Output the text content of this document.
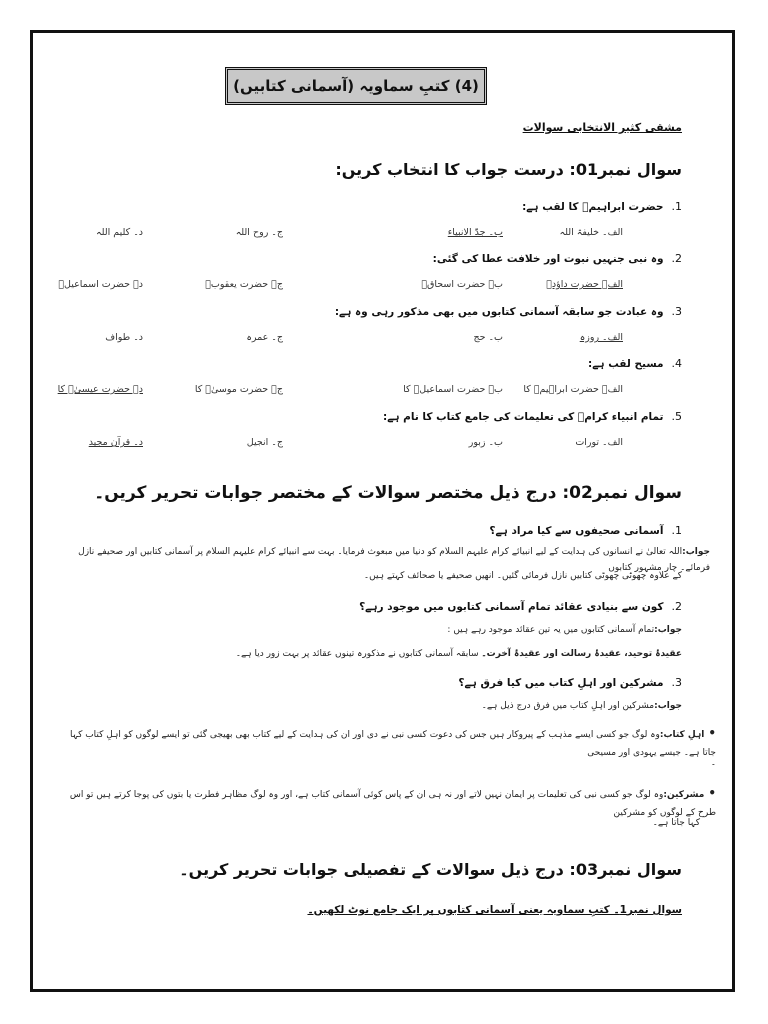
(4) کتبِ سماویہ (آسمانی کتابیں)
مشقی کثیر الانتخابی سوالات
سوال نمبر01: درست جواب کا انتخاب کریں:
1.حضرت ابراہیمؑ کا لقب ہے:
الف۔ خلیفۃ اللہ
ب۔ جدّ الانبیاء
ج۔ روح اللہ
د۔ کلیم اللہ
2.وہ نبی جنہیں نبوت اور خلافت عطا کی گئی:
الف۔ حضرت داؤدؑ
ب۔ حضرت اسحاقؑ
ج۔ حضرت یعقوبؑ
د۔ حضرت اسماعیلؑ
3.وہ عبادت جو سابقہ آسمانی کتابوں میں بھی مذکور رہی وہ ہے:
الف۔ روزہ
ب۔ حج
ج۔ عمرہ
د۔ طواف
4.مسیح لقب ہے:
الف۔ حضرت ابراہیمؑ کا
ب۔ حضرت اسماعیلؑ کا
ج۔ حضرت موسیٰؑ کا
د۔ حضرت عیسیٰؑ کا
5.تمام انبیاء کرامؑ کی تعلیمات کی جامع کتاب کا نام ہے:
الف۔ تورات
ب۔ زبور
ج۔ انجیل
د۔ قرآن مجید
سوال نمبر02: درج ذیل مختصر سوالات کے مختصر جوابات تحریر کریں۔
1.آسمانی صحیفوں سے کیا مراد ہے؟
جواب:اللہ تعالیٰ نے انسانوں کی ہدایت کے لیے انبیائے کرام علیہم السلام کو دنیا میں مبعوث فرمایا۔ بہت سے انبیائے کرام علیہم السلام پر آسمانی کتابیں اور صحیفے نازل فرمائے۔ چار مشہور کتابوں
کے علاوہ چھوٹی چھوٹی کتابیں نازل فرمائی گئیں۔ انھیں صحیفے یا صحائف کہتے ہیں۔
2.کون سے بنیادی عقائد تمام آسمانی کتابوں میں موجود رہے؟
جواب:تمام آسمانی کتابوں میں یہ تین عقائد موجود رہے ہیں :
عقیدۂ توحید، عقیدۂ رسالت اور عقیدۂ آخرت۔ سابقہ آسمانی کتابوں نے مذکورہ تینوں عقائد پر بہت زور دیا ہے۔
3.مشرکین اور اہلِ کتاب میں کیا فرق ہے؟
جواب:مشرکین اور اہلِ کتاب میں فرق درج ذیل ہے۔
•اہلِ کتاب:وہ لوگ جو کسی ایسے مذہب کے پیروکار ہیں جس کی دعوت کسی نبی نے دی اور ان کی ہدایت کے لیے کتاب بھی بھیجی گئی تو ایسے لوگوں کو اہلِ کتاب کہا جاتا ہے۔ جیسے یہودی اور مسیحی
۔
•مشرکین:وہ لوگ جو کسی نبی کی تعلیمات پر ایمان نہیں لاتے اور نہ ہی ان کے پاس کوئی آسمانی کتاب ہے، اور وہ لوگ مظاہر فطرت یا بتوں کی پوجا کرتے ہیں تو اس طرح کے لوگوں کو مشرکین
کہا جاتا ہے۔
سوال نمبر03: درج ذیل سوالات کے تفصیلی جوابات تحریر کریں۔
سوال نمبر1۔ کتبِ سماویہ یعنی آسمانی کتابوں پر ایک جامع نوٹ لکھیں۔
